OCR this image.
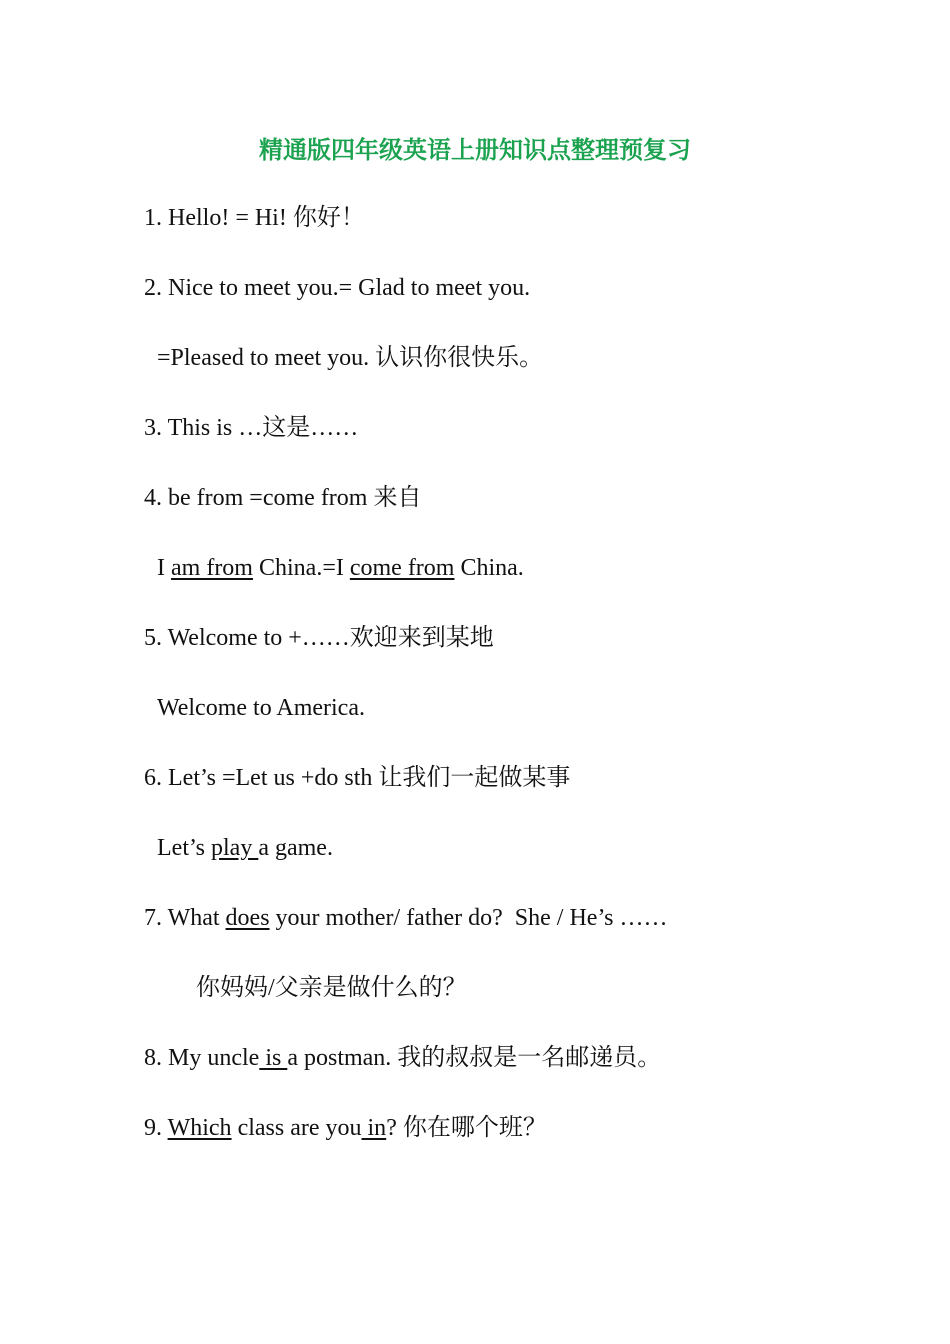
精通版四年级英语上册知识点整理预复习
1. Hello! = Hi! 你好！
2. Nice to meet you.= Glad to meet you.
=Pleased to meet you. 认识你很快乐。
3. This is …这是……
4. be from =come from 来自
I am from China.=I come from China.
5. Welcome to +……欢迎来到某地
Welcome to America.
6. Let’s =Let us +do sth 让我们一起做某事
Let’s play a game.
7. What does your mother/ father do?  She / He’s ……
你妈妈/父亲是做什么的？
8. My uncle is a postman. 我的叔叔是一名邮递员。
9. Which class are you in? 你在哪个班？
